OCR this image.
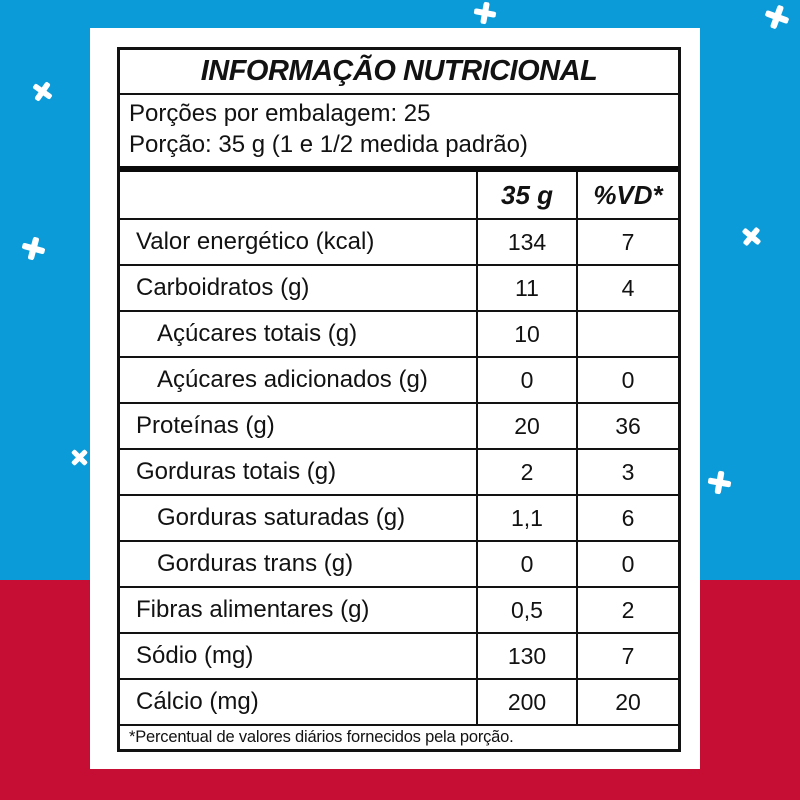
INFORMAÇÃO NUTRICIONAL
Porções por embalagem: 25
Porção: 35 g (1 e 1/2 medida padrão)
35 g	%VD*
Valor energético (kcal)	134	7
Carboidratos (g)	11	4
Açúcares totais (g)	10
Açúcares adicionados (g)	0	0
Proteínas (g)	20	36
Gorduras totais (g)	2	3
Gorduras saturadas (g)	1,1	6
Gorduras trans (g)	0	0
Fibras alimentares (g)	0,5	2
Sódio (mg)	130	7
Cálcio (mg)	200	20
*Percentual de valores diários fornecidos pela porção.
